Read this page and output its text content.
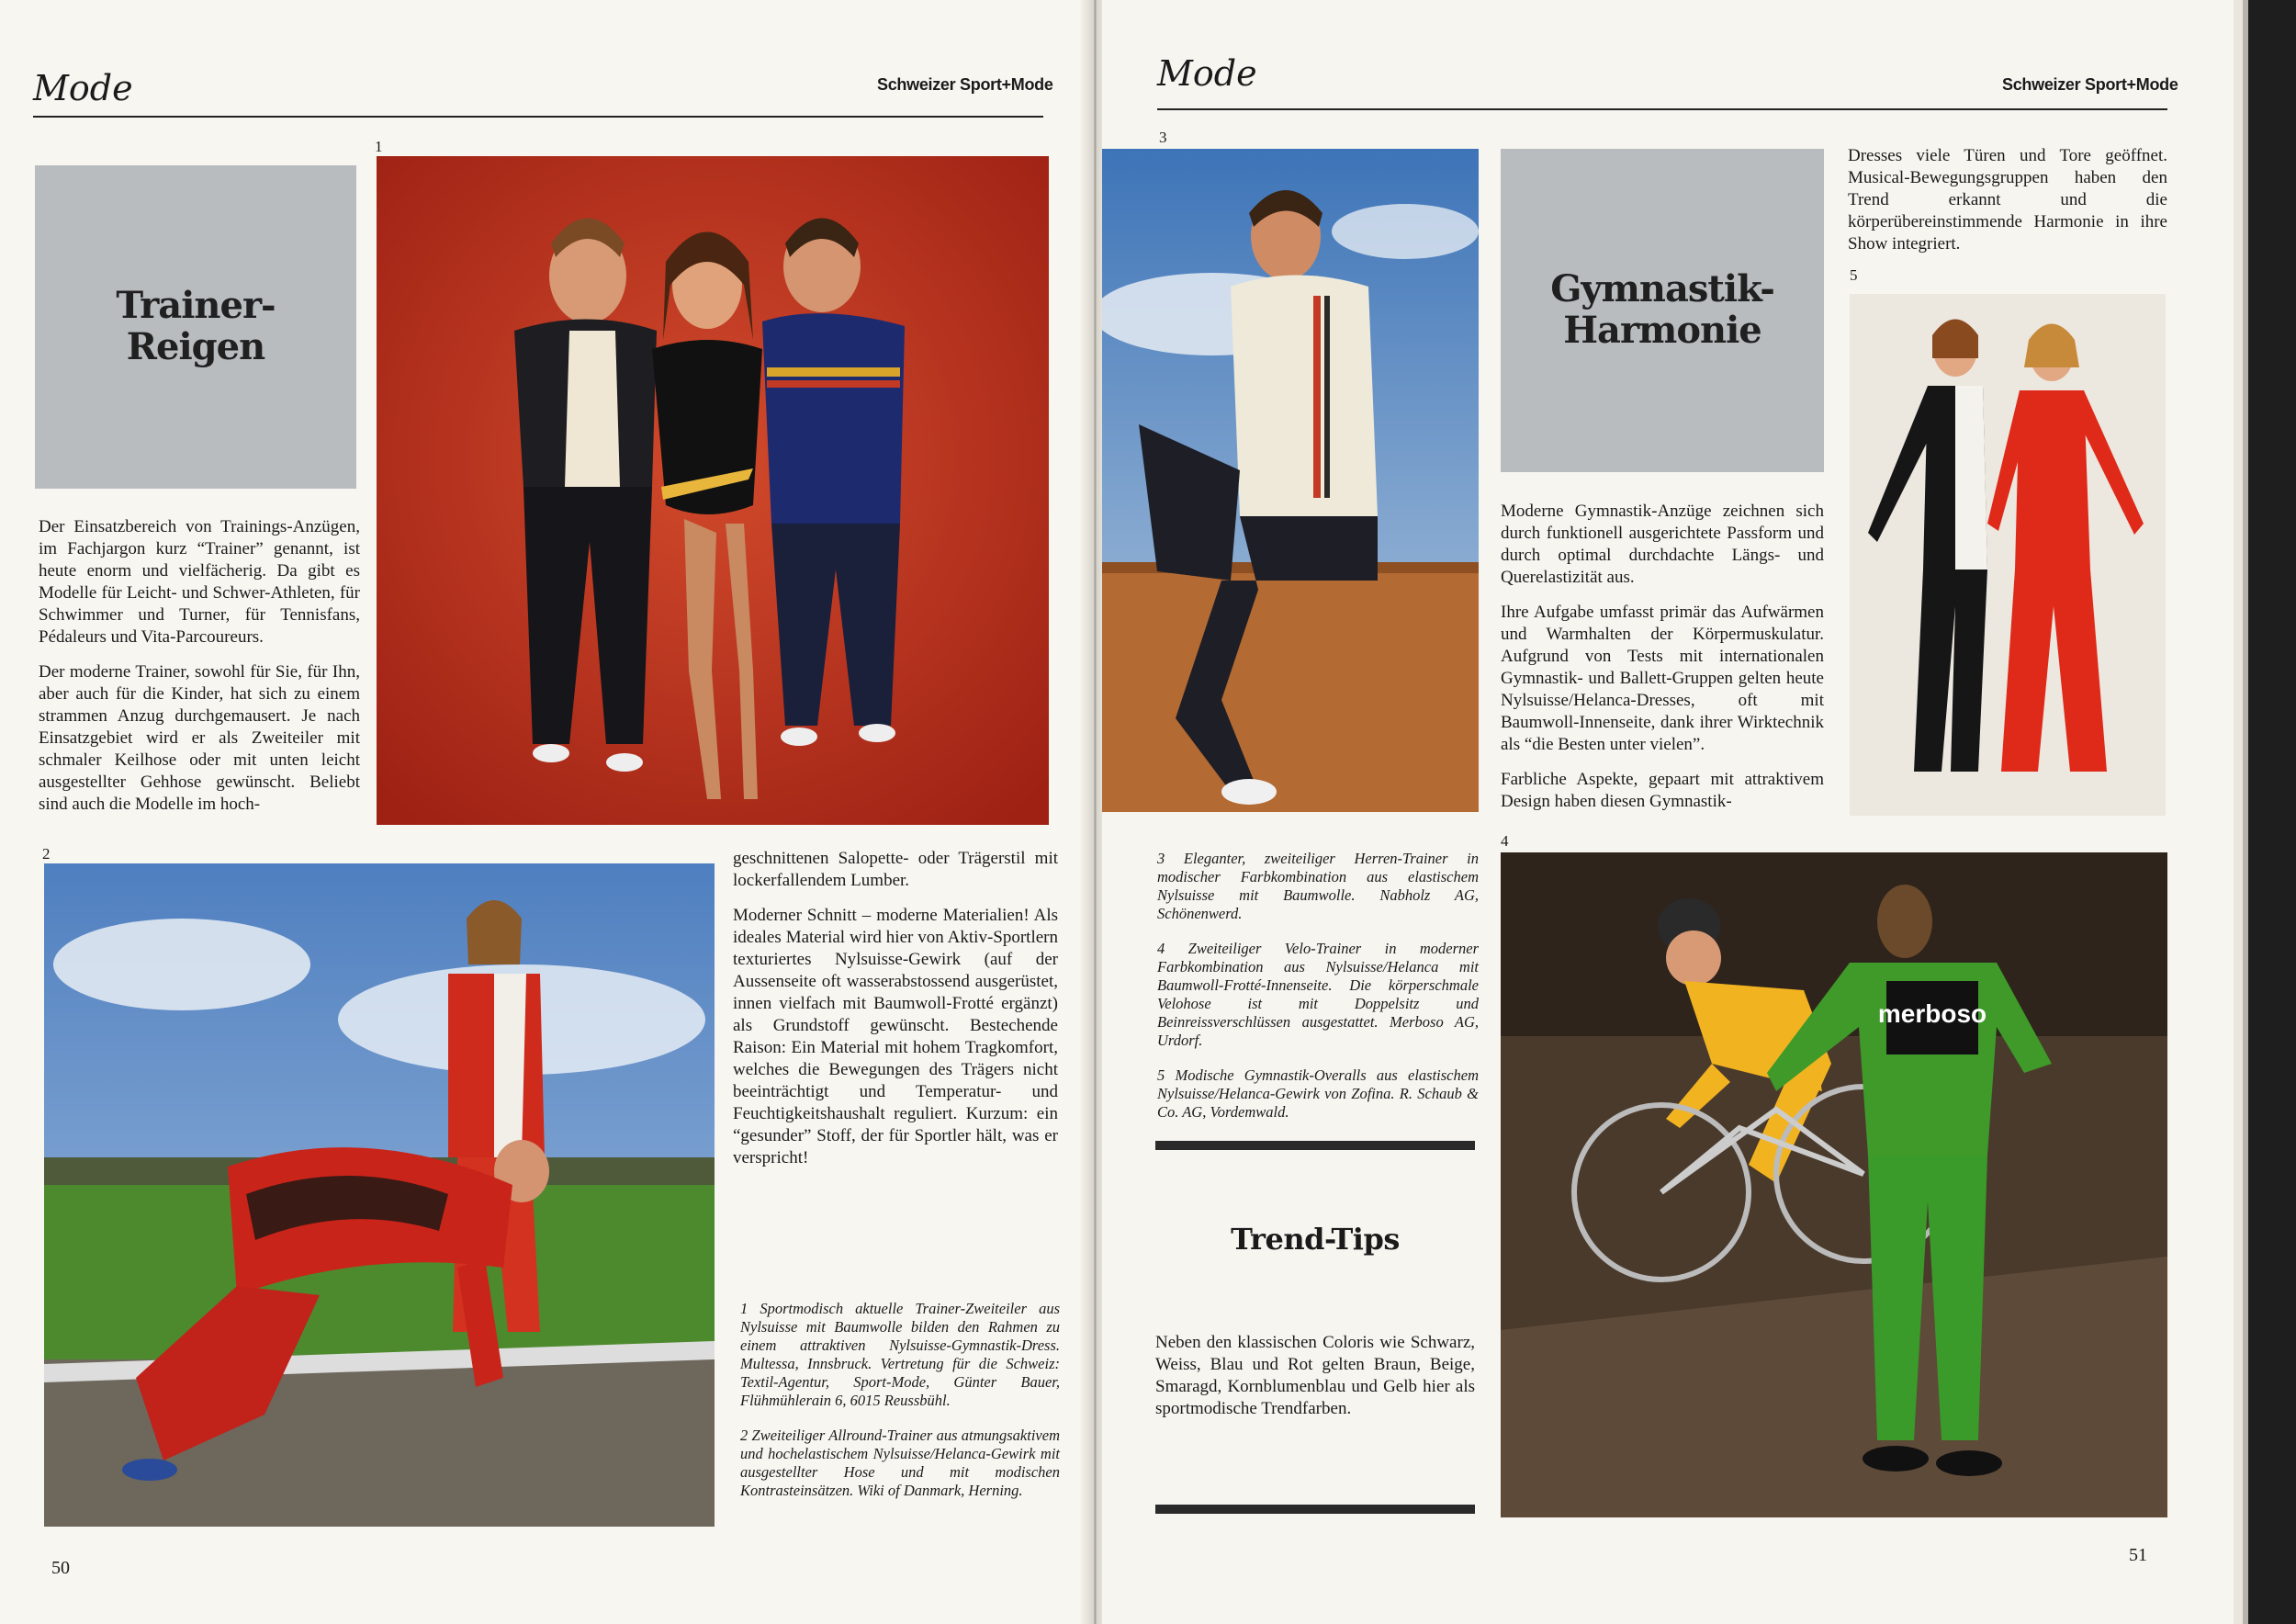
Mode	Schweizer Sport+Mode
Trainer-
Reigen
1

Der Einsatzbereich von Trainings-Anzügen, im Fachjargon kurz “Trainer” genannt, ist heute enorm und vielfächerig. Da gibt es Modelle für Leicht- und Schwer-Athleten, für Schwimmer und Turner, für Tennisfans, Pédaleurs und Vita-Parcoureurs.

Der moderne Trainer, sowohl für Sie, für Ihn, aber auch für die Kinder, hat sich zu einem strammen Anzug durchgemausert. Je nach Einsatzgebiet wird er als Zweiteiler mit schmaler Keilhose oder mit unten leicht ausgestellter Gehhose gewünscht. Beliebt sind auch die Modelle im hoch-

2	geschnittenen Salopette- oder Trägerstil mit lockerfallendem Lumber.

Moderner Schnitt – moderne Materialien! Als ideales Material wird hier von Aktiv-Sportlern texturiertes Nylsuisse-Gewirk (auf der Aussenseite oft wasserabstossend ausgerüstet, innen vielfach mit Baumwoll-Frotté ergänzt) als Grundstoff gewünscht. Bestechende Raison: Ein Material mit hohem Tragkomfort, welches die Bewegungen des Trägers nicht beeinträchtigt und Temperatur- und Feuchtigkeitshaushalt reguliert. Kurzum: ein “gesunder” Stoff, der für Sportler hält, was er verspricht!

1 Sportmodisch aktuelle Trainer-Zweiteiler aus Nylsuisse mit Baumwolle bilden den Rahmen zu einem attraktiven Nylsuisse-Gymnastik-Dress. Multessa, Innsbruck. Vertretung für die Schweiz: Textil-Agentur, Sport-Mode, Günter Bauer, Flühmühlerain 6, 6015 Reussbühl.

2 Zweiteiliger Allround-Trainer aus atmungsaktivem und hochelastischem Nylsuisse/Helanca-Gewirk mit ausgestellter Hose und mit modischen Kontrasteinsätzen. Wiki of Danmark, Herning.

50
Mode	Schweizer Sport+Mode
3
Gymnastik-
Harmonie

Moderne Gymnastik-Anzüge zeichnen sich durch funktionell ausgerichtete Passform und durch optimal durchdachte Längs- und Querelastizität aus.

Ihre Aufgabe umfasst primär das Aufwärmen und Warmhalten der Körpermuskulatur. Aufgrund von Tests mit internationalen Gymnastik- und Ballett-Gruppen gelten heute Nylsuisse/Helanca-Dresses, oft mit Baumwoll-Innenseite, dank ihrer Wirktechnik als “die Besten unter vielen”.

Farbliche Aspekte, gepaart mit attraktivem Design haben diesen Gymnastik-

Dresses viele Türen und Tore geöffnet. Musical-Bewegungsgruppen haben den Trend erkannt und die körperübereinstimmende Harmonie in ihre Show integriert.

5

3 Eleganter, zweiteiliger Herren-Trainer in modischer Farbkombination aus elastischem Nylsuisse mit Baumwolle. Nabholz AG, Schönenwerd.

4 Zweiteiliger Velo-Trainer in moderner Farbkombination aus Nylsuisse/Helanca mit Baumwoll-Frotté-Innenseite. Die körperschmale Velohose ist mit Doppelsitz und Beinreissverschlüssen ausgestattet. Merboso AG, Urdorf.

5 Modische Gymnastik-Overalls aus elastischem Nylsuisse/Helanca-Gewirk von Zofina. R. Schaub & Co. AG, Vordemwald.

Trend-Tips

Neben den klassischen Coloris wie Schwarz, Weiss, Blau und Rot gelten Braun, Beige, Smaragd, Kornblumenblau und Gelb hier als sportmodische Trendfarben.

4
merboso
51
